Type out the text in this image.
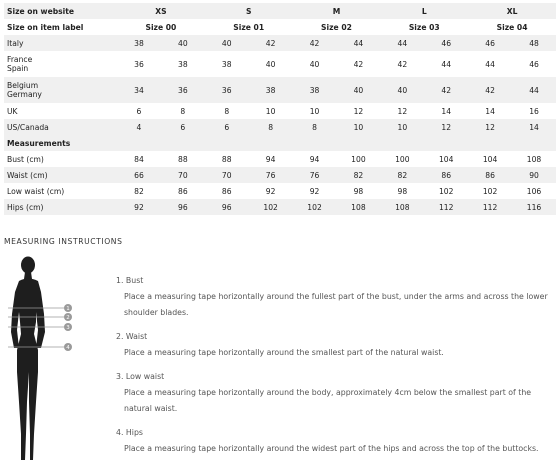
Size on website	XS		S		M		L		XL	
Size on item label	Size 00		Size 01		Size 02		Size 03		Size 04	
Italy	38	40	40	42	42	44	44	46	46	48
France
Spain	36	38	38	40	40	42	42	44	44	46
Belgium
Germany	34	36	36	38	38	40	40	42	42	44
UK	6	8	8	10	10	12	12	14	14	16
US/Canada	4	6	6	8	8	10	10	12	12	14
Measurements										
Bust (cm)	84	88	88	94	94	100	100	104	104	108
Waist (cm)	66	70	70	76	76	82	82	86	86	90
Low waist (cm)	82	86	86	92	92	98	98	102	102	106
Hips (cm)	92	96	96	102	102	108	108	112	112	116
MEASURING INSTRUCTIONS
1
2
3
4
1. Bust
Place a measuring tape horizontally around the fullest part of the bust, under the arms and across the lower shoulder blades.
2. Waist
Place a measuring tape horizontally around the smallest part of the natural waist.
3. Low waist
Place a measuring tape horizontally around the body, approximately 4cm below the smallest part of the natural waist.
4. Hips
Place a measuring tape horizontally around the widest part of the hips and across the top of the buttocks.
